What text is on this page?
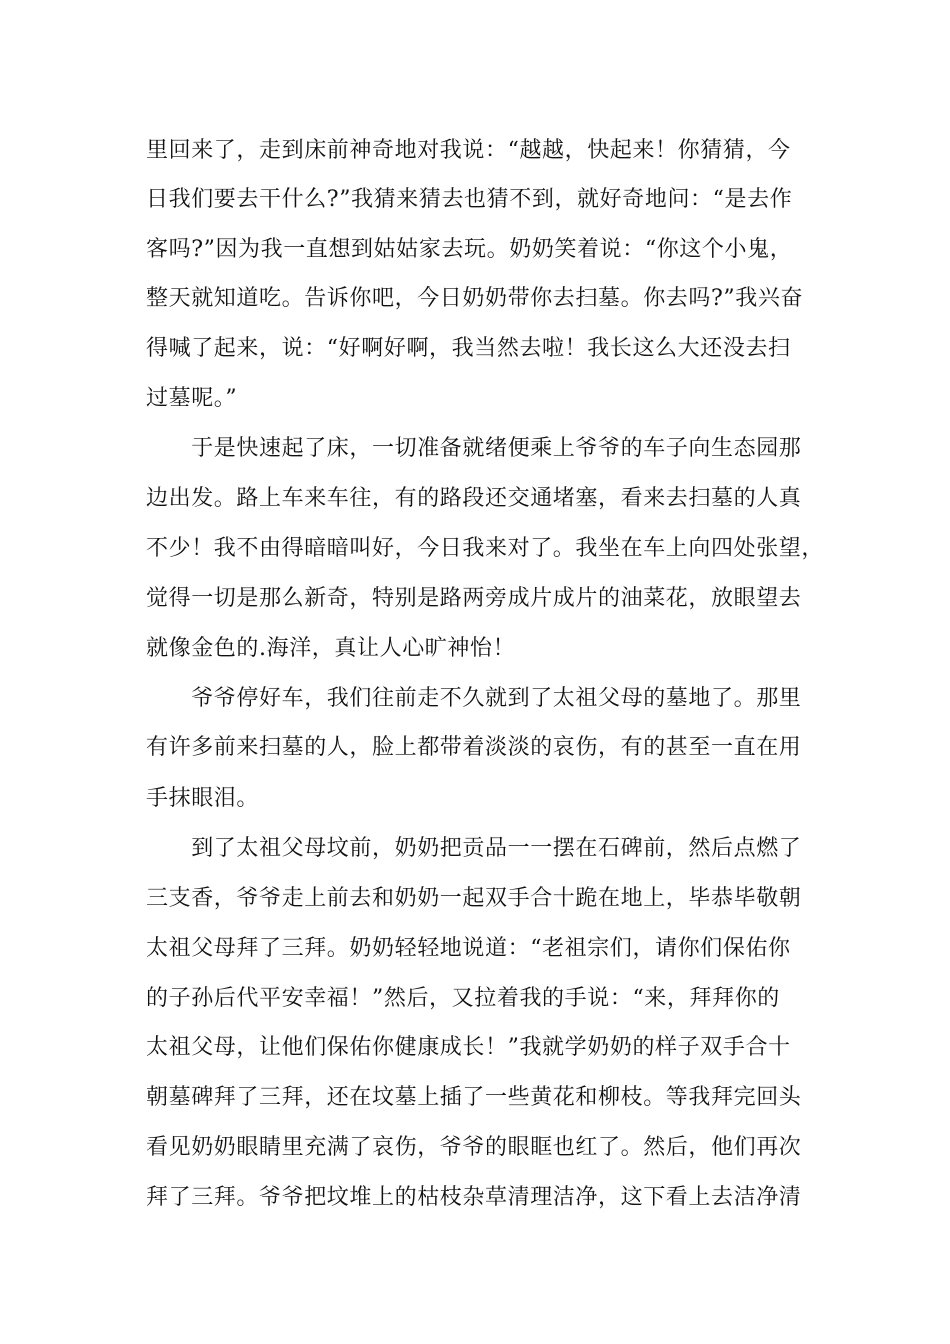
里回来了，走到床前神奇地对我说：“越越，快起来！你猜猜，今
日我们要去干什么?”我猜来猜去也猜不到，就好奇地问：“是去作
客吗?”因为我一直想到姑姑家去玩。奶奶笑着说：“你这个小鬼，
整天就知道吃。告诉你吧，今日奶奶带你去扫墓。你去吗?”我兴奋
得喊了起来，说：“好啊好啊，我当然去啦！我长这么大还没去扫
过墓呢。”
　　于是快速起了床，一切准备就绪便乘上爷爷的车子向生态园那
边出发。路上车来车往，有的路段还交通堵塞，看来去扫墓的人真
不少！我不由得暗暗叫好，今日我来对了。我坐在车上向四处张望，
觉得一切是那么新奇，特别是路两旁成片成片的油菜花，放眼望去
就像金色的.海洋，真让人心旷神怡！
　　爷爷停好车，我们往前走不久就到了太祖父母的墓地了。那里
有许多前来扫墓的人，脸上都带着淡淡的哀伤，有的甚至一直在用
手抹眼泪。
　　到了太祖父母坟前，奶奶把贡品一一摆在石碑前，然后点燃了
三支香，爷爷走上前去和奶奶一起双手合十跪在地上，毕恭毕敬朝
太祖父母拜了三拜。奶奶轻轻地说道：“老祖宗们，请你们保佑你
的子孙后代平安幸福！”然后，又拉着我的手说：“来，拜拜你的
太祖父母，让他们保佑你健康成长！”我就学奶奶的样子双手合十
朝墓碑拜了三拜，还在坟墓上插了一些黄花和柳枝。等我拜完回头
看见奶奶眼睛里充满了哀伤，爷爷的眼眶也红了。然后，他们再次
拜了三拜。爷爷把坟堆上的枯枝杂草清理洁净，这下看上去洁净清
